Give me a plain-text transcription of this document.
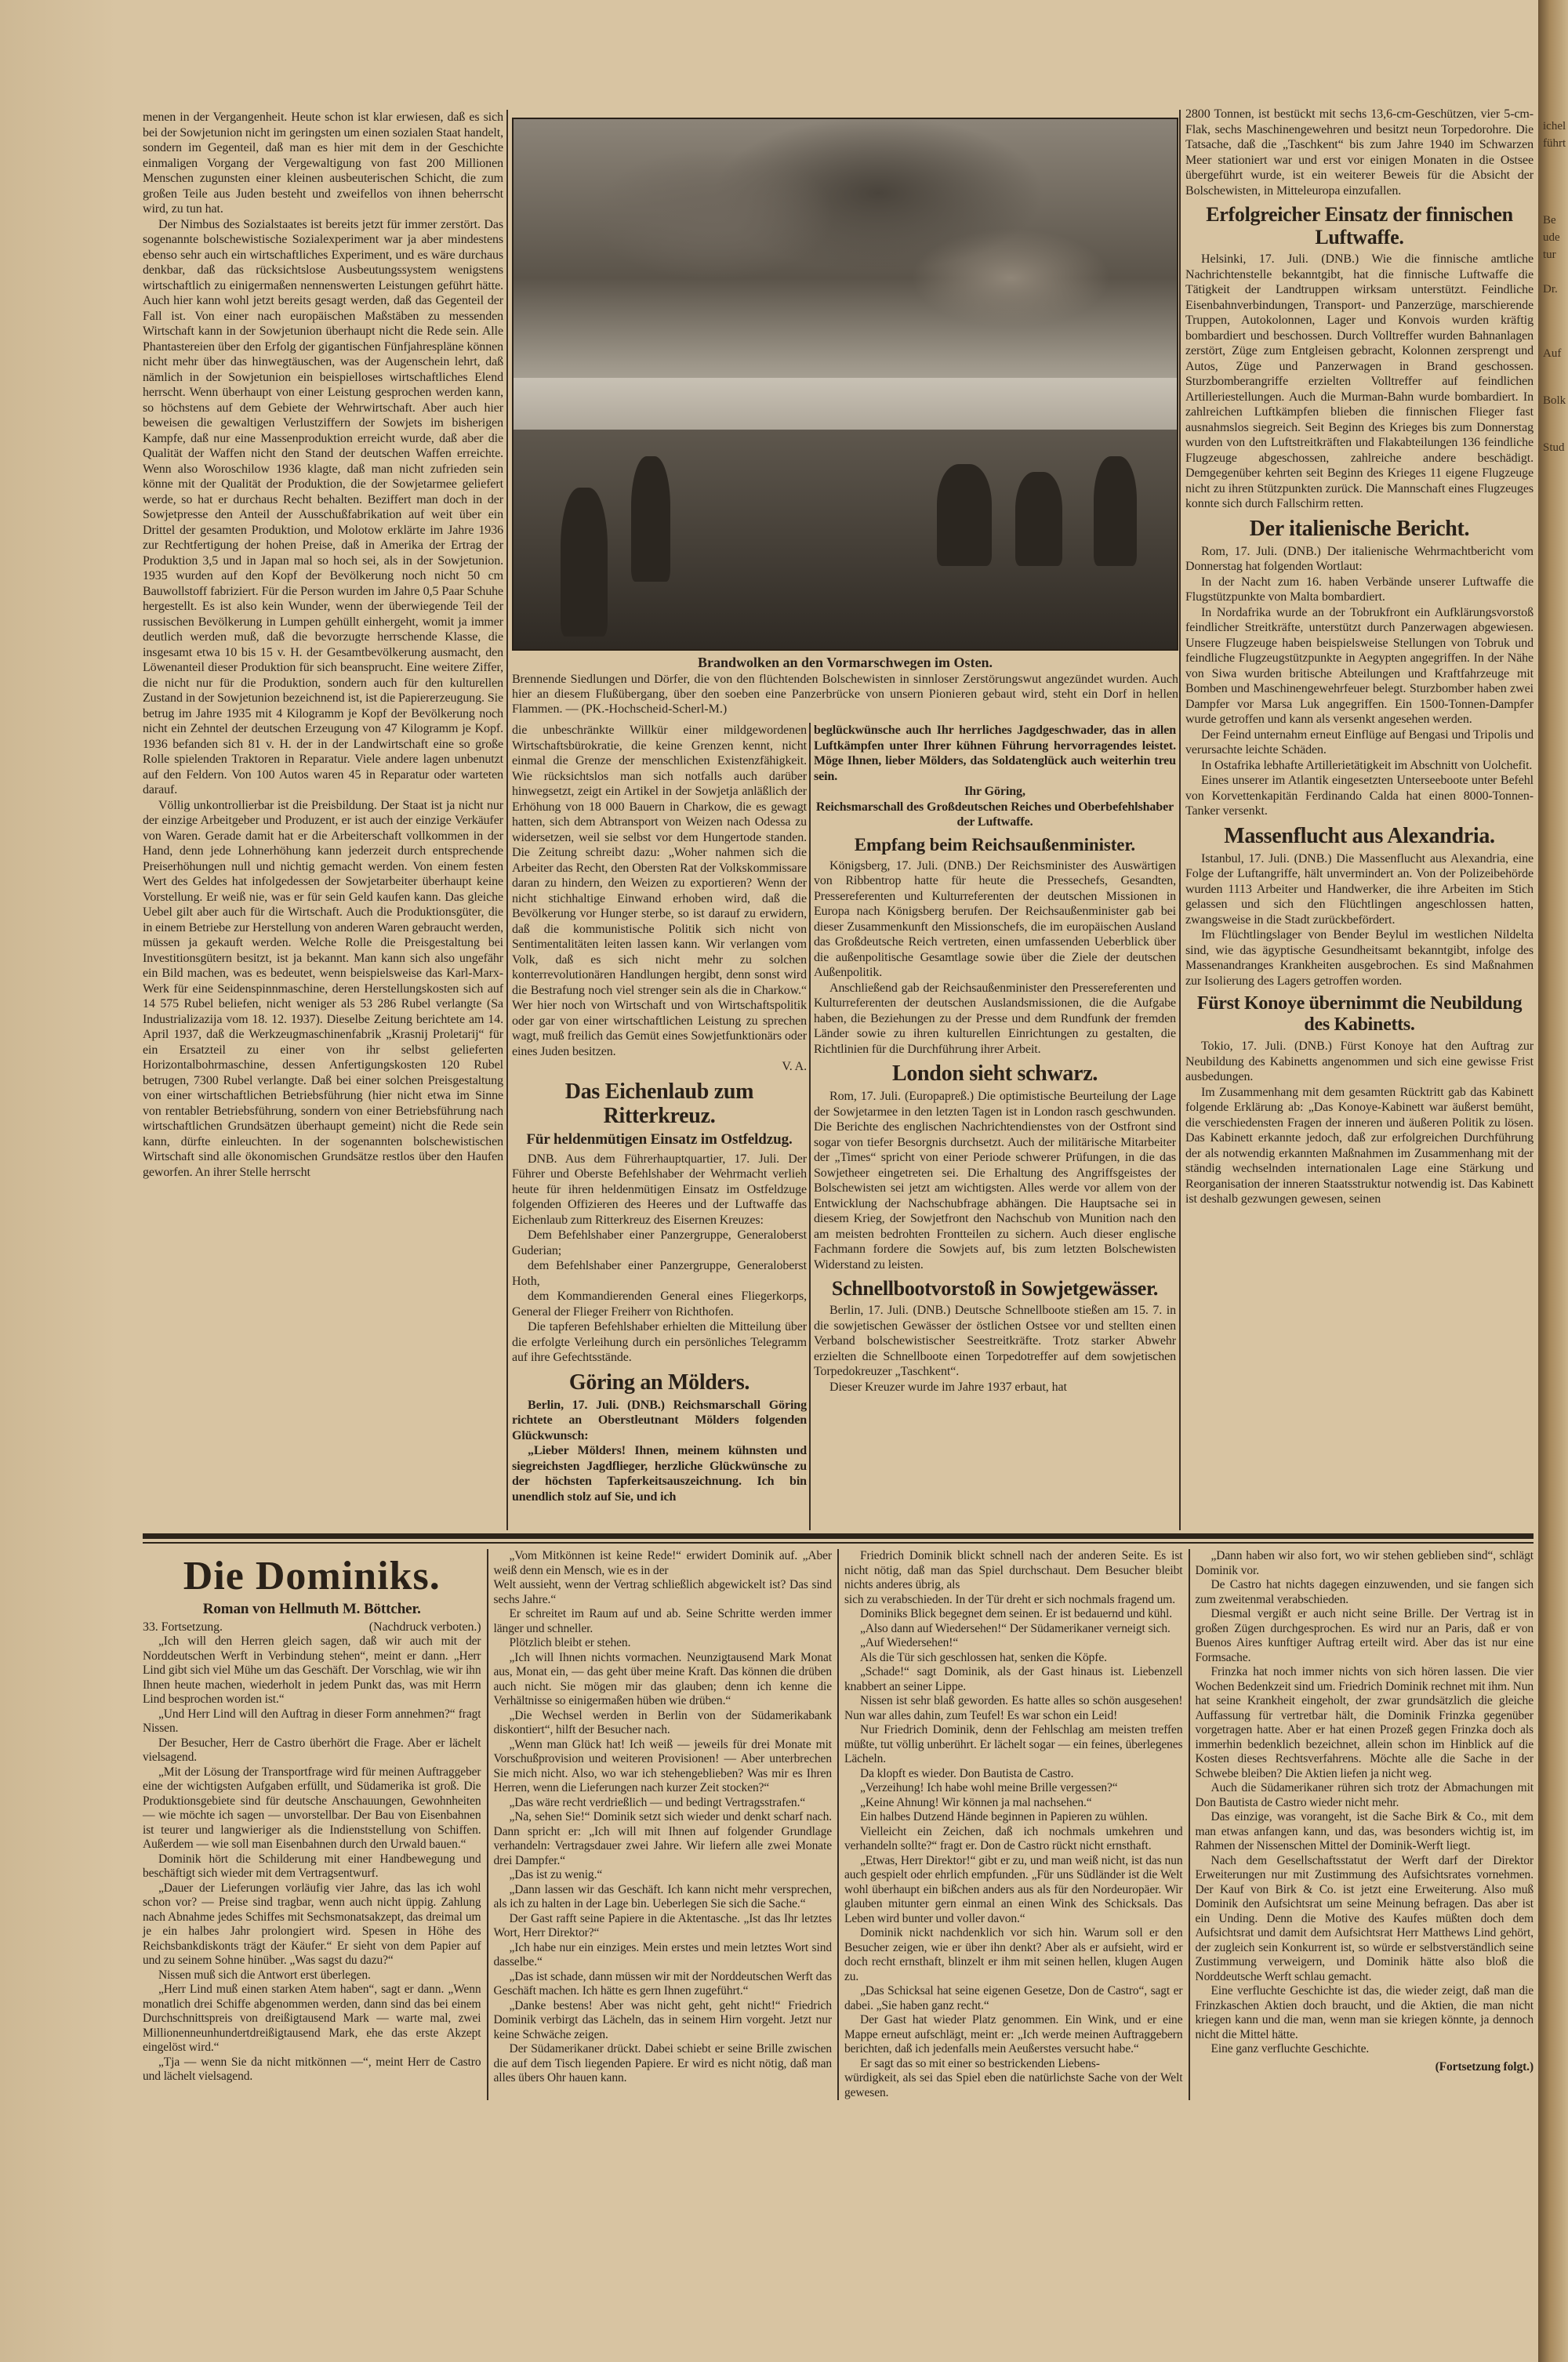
ichel
führt
Stud
Be
ude
tur
Dr.
Auf
Bolk

menen in der Vergangenheit. Heute schon ist klar erwiesen, daß es sich bei der Sowjetunion nicht im geringsten um einen sozialen Staat handelt, sondern im Gegenteil, daß man es hier mit dem in der Geschichte einmaligen Vorgang der Vergewaltigung von fast 200 Millionen Menschen zugunsten einer kleinen ausbeuterischen Schicht, die zum großen Teile aus Juden besteht und zweifellos von ihnen beherrscht wird, zu tun hat.

Der Nimbus des Sozialstaates ist bereits jetzt für immer zerstört. Das sogenannte bolschewistische Sozialexperiment war ja aber mindestens ebenso sehr auch ein wirtschaftliches Experiment, und es wäre durchaus denkbar, daß das rücksichtslose Ausbeutungssystem wenigstens wirtschaftlich zu einigermaßen nennenswerten Leistungen geführt hätte. Auch hier kann wohl jetzt bereits gesagt werden, daß das Gegenteil der Fall ist. Von einer nach europäischen Maßstäben zu messenden Wirtschaft kann in der Sowjetunion überhaupt nicht die Rede sein. Alle Phantastereien über den Erfolg der gigantischen Fünfjahrespläne können nicht mehr über das hinwegtäuschen, was der Augenschein lehrt, daß nämlich in der Sowjetunion ein beispielloses wirtschaftliches Elend herrscht. Wenn überhaupt von einer Leistung gesprochen werden kann, so höchstens auf dem Gebiete der Wehrwirtschaft. Aber auch hier beweisen die gewaltigen Verlustziffern der Sowjets im bisherigen Kampfe, daß nur eine Massenproduktion erreicht wurde, daß aber die Qualität der Waffen nicht den Stand der deutschen Waffen erreichte. Wenn also Woroschilow 1936 klagte, daß man nicht zufrieden sein könne mit der Qualität der Produktion, die der Sowjetarmee geliefert werde, so hat er durchaus Recht behalten. Beziffert man doch in der Sowjetpresse den Anteil der Ausschußfabrikation auf weit über ein Drittel der gesamten Produktion, und Molotow erklärte im Jahre 1936 zur Rechtfertigung der hohen Preise, daß in Amerika der Ertrag der Produktion 3,5 und in Japan mal so hoch sei, als in der Sowjetunion. 1935 wurden auf den Kopf der Bevölkerung noch nicht 50 cm Bauwollstoff fabriziert. Für die Person wurden im Jahre 0,5 Paar Schuhe hergestellt. Es ist also kein Wunder, wenn der überwiegende Teil der russischen Bevölkerung in Lumpen gehüllt einhergeht, womit ja immer deutlich werden muß, daß die bevorzugte herrschende Klasse, die insgesamt etwa 10 bis 15 v. H. der Gesamtbevölkerung ausmacht, den Löwenanteil dieser Produktion für sich beansprucht. Eine weitere Ziffer, die nicht nur für die Produktion, sondern auch für den kulturellen Zustand in der Sowjetunion bezeichnend ist, ist die Papiererzeugung. Sie betrug im Jahre 1935 mit 4 Kilogramm je Kopf der Bevölkerung noch nicht ein Zehntel der deutschen Erzeugung von 47 Kilogramm je Kopf. 1936 befanden sich 81 v. H. der in der Landwirtschaft eine so große Rolle spielenden Traktoren in Reparatur. Viele andere lagen unbenutzt auf den Feldern. Von 100 Autos waren 45 in Reparatur oder warteten darauf.

Völlig unkontrollierbar ist die Preisbildung. Der Staat ist ja nicht nur der einzige Arbeitgeber und Produzent, er ist auch der einzige Verkäufer von Waren. Gerade damit hat er die Arbeiterschaft vollkommen in der Hand, denn jede Lohnerhöhung kann jederzeit durch entsprechende Preiserhöhungen null und nichtig gemacht werden. Von einem festen Wert des Geldes hat infolgedessen der Sowjetarbeiter überhaupt keine Vorstellung. Er weiß nie, was er für sein Geld kaufen kann. Das gleiche Uebel gilt aber auch für die Wirtschaft. Auch die Produktionsgüter, die in einem Betriebe zur Herstellung von anderen Waren gebraucht werden, müssen ja gekauft werden. Welche Rolle die Preisgestaltung bei Investitionsgütern besitzt, ist ja bekannt. Man kann sich also ungefähr ein Bild machen, was es bedeutet, wenn beispielsweise das Karl-Marx-Werk für eine Seidenspinnmaschine, deren Herstellungskosten sich auf 14 575 Rubel beliefen, nicht weniger als 53 286 Rubel verlangte (Sa Industrializazija vom 18. 12. 1937). Dieselbe Zeitung berichtete am 14. April 1937, daß die Werkzeugmaschinenfabrik „Krasnij Proletarij“ für ein Ersatzteil zu einer von ihr selbst gelieferten Horizontalbohrmaschine, dessen Anfertigungskosten 120 Rubel betrugen, 7300 Rubel verlangte. Daß bei einer solchen Preisgestaltung von einer wirtschaftlichen Betriebsführung (hier nicht etwa im Sinne von rentabler Betriebsführung, sondern von einer Betriebsführung nach wirtschaftlichen Grundsätzen überhaupt gemeint) nicht die Rede sein kann, dürfte einleuchten. In der sogenannten bolschewistischen Wirtschaft sind alle ökonomischen Grundsätze restlos über den Haufen geworfen. An ihrer Stelle herrscht

Brandwolken an den Vormarschwegen im Osten.
Brennende Siedlungen und Dörfer, die von den flüchtenden Bolschewisten in sinnloser Zerstörungswut angezündet wurden. Auch hier an diesem Flußübergang, über den soeben eine Panzerbrücke von unsern Pionieren gebaut wird, steht ein Dorf in hellen Flammen. — (PK.-Hochscheid-Scherl-M.)

die unbeschränkte Willkür einer mildgewordenen Wirtschaftsbürokratie, die keine Grenzen kennt, nicht einmal die Grenze der menschlichen Existenzfähigkeit. Wie rücksichtslos man sich notfalls auch darüber hinwegsetzt, zeigt ein Artikel in der Sowjetja anläßlich der Erhöhung von 18 000 Bauern in Charkow, die es gewagt hatten, sich dem Abtransport von Weizen nach Odessa zu widersetzen, weil sie selbst vor dem Hungertode standen. Die Zeitung schreibt dazu: „Woher nahmen sich die Arbeiter das Recht, den Obersten Rat der Volkskommissare daran zu hindern, den Weizen zu exportieren? Wenn der nicht stichhaltige Einwand erhoben wird, daß die Bevölkerung vor Hunger sterbe, so ist darauf zu erwidern, daß die kommunistische Politik sich nicht von Sentimentalitäten leiten lassen kann. Wir verlangen vom Volk, daß es sich nicht mehr zu solchen konterrevolutionären Handlungen hergibt, denn sonst wird die Bestrafung noch viel strenger sein als die in Charkow.“ Wer hier noch von Wirtschaft und von Wirtschaftspolitik oder gar von einer wirtschaftlichen Leistung zu sprechen wagt, muß freilich das Gemüt eines Sowjetfunktionärs oder eines Juden besitzen.

V. A.

Das Eichenlaub zum Ritterkreuz.
Für heldenmütigen Einsatz im Ostfeldzug.

DNB. Aus dem Führerhauptquartier, 17. Juli. Der Führer und Oberste Befehlshaber der Wehrmacht verlieh heute für ihren heldenmütigen Einsatz im Ostfeldzuge folgenden Offizieren des Heeres und der Luftwaffe das Eichenlaub zum Ritterkreuz des Eisernen Kreuzes:

Dem Befehlshaber einer Panzergruppe, Generaloberst Guderian;

dem Befehlshaber einer Panzergruppe, Generaloberst Hoth,

dem Kommandierenden General eines Fliegerkorps, General der Flieger Freiherr von Richthofen.

Die tapferen Befehlshaber erhielten die Mitteilung über die erfolgte Verleihung durch ein persönliches Telegramm auf ihre Gefechtsstände.

Göring an Mölders.

Berlin, 17. Juli. (DNB.) Reichsmarschall Göring richtete an Oberstleutnant Mölders folgenden Glückwunsch:

„Lieber Mölders! Ihnen, meinem kühnsten und siegreichsten Jagdflieger, herzliche Glückwünsche zu der höchsten Tapferkeitsauszeichnung. Ich bin unendlich stolz auf Sie, und ich

beglückwünsche auch Ihr herrliches Jagdgeschwader, das in allen Luftkämpfen unter Ihrer kühnen Führung hervorragendes leistet. Möge Ihnen, lieber Mölders, das Soldatenglück auch weiterhin treu sein.

Ihr Göring,

Reichsmarschall des Großdeutschen Reiches und Oberbefehlshaber der Luftwaffe.

Empfang beim Reichsaußenminister.

Königsberg, 17. Juli. (DNB.) Der Reichsminister des Auswärtigen von Ribbentrop hatte für heute die Pressechefs, Gesandten, Pressereferenten und Kulturreferenten der deutschen Missionen in Europa nach Königsberg berufen. Der Reichsaußenminister gab bei dieser Zusammenkunft den Missionschefs, die im europäischen Ausland das Großdeutsche Reich vertreten, einen umfassenden Ueberblick über die außenpolitische Gesamtlage sowie über die Ziele der deutschen Außenpolitik.

Anschließend gab der Reichsaußenminister den Pressereferenten und Kulturreferenten der deutschen Auslandsmissionen, die die Aufgabe haben, die Beziehungen zu der Presse und dem Rundfunk der fremden Länder sowie zu ihren kulturellen Einrichtungen zu gestalten, die Richtlinien für die Durchführung ihrer Arbeit.

London sieht schwarz.

Rom, 17. Juli. (Europapreß.) Die optimistische Beurteilung der Lage der Sowjetarmee in den letzten Tagen ist in London rasch geschwunden. Die Berichte des englischen Nachrichtendienstes von der Ostfront sind sogar von tiefer Besorgnis durchsetzt. Auch der militärische Mitarbeiter der „Times“ spricht von einer Periode schwerer Prüfungen, in die das Sowjetheer eingetreten sei. Die Erhaltung des Angriffsgeistes der Bolschewisten sei jetzt am wichtigsten. Alles werde vor allem von der Entwicklung der Nachschubfrage abhängen. Die Hauptsache sei in diesem Krieg, der Sowjetfront den Nachschub von Munition nach den am meisten bedrohten Frontteilen zu sichern. Auch dieser englische Fachmann fordere die Sowjets auf, bis zum letzten Bolschewisten Widerstand zu leisten.

Schnellbootvorstoß in Sowjetgewässer.

Berlin, 17. Juli. (DNB.) Deutsche Schnellboote stießen am 15. 7. in die sowjetischen Gewässer der östlichen Ostsee vor und stellten einen Verband bolschewistischer Seestreitkräfte. Trotz starker Abwehr erzielten die Schnellboote einen Torpedotreffer auf dem sowjetischen Torpedokreuzer „Taschkent“.

Dieser Kreuzer wurde im Jahre 1937 erbaut, hat

2800 Tonnen, ist bestückt mit sechs 13,6-cm-Geschützen, vier 5-cm-Flak, sechs Maschinengewehren und besitzt neun Torpedorohre. Die Tatsache, daß die „Taschkent“ bis zum Jahre 1940 im Schwarzen Meer stationiert war und erst vor einigen Monaten in die Ostsee übergeführt wurde, ist ein weiterer Beweis für die Absicht der Bolschewisten, in Mitteleuropa einzufallen.

Erfolgreicher Einsatz der finnischen Luftwaffe.

Helsinki, 17. Juli. (DNB.) Wie die finnische amtliche Nachrichtenstelle bekanntgibt, hat die finnische Luftwaffe die Tätigkeit der Landtruppen wirksam unterstützt. Feindliche Eisenbahnverbindungen, Transport- und Panzerzüge, marschierende Truppen, Autokolonnen, Lager und Konvois wurden kräftig bombardiert und beschossen. Durch Volltreffer wurden Bahnanlagen zerstört, Züge zum Entgleisen gebracht, Kolonnen zersprengt und Autos, Züge und Panzerwagen in Brand geschossen. Sturzbomberangriffe erzielten Volltreffer auf feindlichen Artilleriestellungen. Auch die Murman-Bahn wurde bombardiert. In zahlreichen Luftkämpfen blieben die finnischen Flieger fast ausnahmslos siegreich. Seit Beginn des Krieges bis zum Donnerstag wurden von den Luftstreitkräften und Flakabteilungen 136 feindliche Flugzeuge abgeschossen, zahlreiche andere beschädigt. Demgegenüber kehrten seit Beginn des Krieges 11 eigene Flugzeuge nicht zu ihren Stützpunkten zurück. Die Mannschaft eines Flugzeuges konnte sich durch Fallschirm retten.

Der italienische Bericht.

Rom, 17. Juli. (DNB.) Der italienische Wehrmachtbericht vom Donnerstag hat folgenden Wortlaut:

In der Nacht zum 16. haben Verbände unserer Luftwaffe die Flugstützpunkte von Malta bombardiert.

In Nordafrika wurde an der Tobrukfront ein Aufklärungsvorstoß feindlicher Streitkräfte, unterstützt durch Panzerwagen abgewiesen. Unsere Flugzeuge haben beispielsweise Stellungen von Tobruk und feindliche Flugzeugstützpunkte in Aegypten angegriffen. In der Nähe von Siwa wurden britische Abteilungen und Kraftfahrzeuge mit Bomben und Maschinengewehrfeuer belegt. Sturzbomber haben zwei Dampfer vor Marsa Luk angegriffen. Ein 1500-Tonnen-Dampfer wurde getroffen und kann als versenkt angesehen werden.

Der Feind unternahm erneut Einflüge auf Bengasi und Tripolis und verursachte leichte Schäden.

In Ostafrika lebhafte Artillerietätigkeit im Abschnitt von Uolchefit.

Eines unserer im Atlantik eingesetzten Unterseeboote unter Befehl von Korvettenkapitän Ferdinando Calda hat einen 8000-Tonnen-Tanker versenkt.

Massenflucht aus Alexandria.

Istanbul, 17. Juli. (DNB.) Die Massenflucht aus Alexandria, eine Folge der Luftangriffe, hält unvermindert an. Von der Polizeibehörde wurden 1113 Arbeiter und Handwerker, die ihre Arbeiten im Stich gelassen und sich den Flüchtlingen angeschlossen hatten, zwangsweise in die Stadt zurückbefördert.

Im Flüchtlingslager von Bender Beylul im westlichen Nildelta sind, wie das ägyptische Gesundheitsamt bekanntgibt, infolge des Massenandranges Krankheiten ausgebrochen. Es sind Maßnahmen zur Isolierung des Lagers getroffen worden.

Fürst Konoye übernimmt die Neubildung des Kabinetts.

Tokio, 17. Juli. (DNB.) Fürst Konoye hat den Auftrag zur Neubildung des Kabinetts angenommen und sich eine gewisse Frist ausbedungen.

Im Zusammenhang mit dem gesamten Rücktritt gab das Kabinett folgende Erklärung ab: „Das Konoye-Kabinett war äußerst bemüht, die verschiedensten Fragen der inneren und äußeren Politik zu lösen. Das Kabinett erkannte jedoch, daß zur erfolgreichen Durchführung der als notwendig erkannten Maßnahmen im Zusammenhang mit der ständig wechselnden internationalen Lage eine Stärkung und Reorganisation der inneren Staatsstruktur notwendig ist. Das Kabinett ist deshalb gezwungen gewesen, seinen

Die Dominiks.
Roman von Hellmuth M. Böttcher.
33. Fortsetzung.	(Nachdruck verboten.)

„Ich will den Herren gleich sagen, daß wir auch mit der Norddeutschen Werft in Verbindung stehen“, meint er dann. „Herr Lind gibt sich viel Mühe um das Geschäft. Der Vorschlag, wie wir ihn Ihnen heute machen, wiederholt in jedem Punkt das, was mit Herrn Lind besprochen worden ist.“

„Und Herr Lind will den Auftrag in dieser Form annehmen?“ fragt Nissen.

Der Besucher, Herr de Castro überhört die Frage. Aber er lächelt vielsagend.

„Mit der Lösung der Transportfrage wird für meinen Auftraggeber eine der wichtigsten Aufgaben erfüllt, und Südamerika ist groß. Die Produktionsgebiete sind für deutsche Anschauungen, Gewohnheiten — wie möchte ich sagen — unvorstellbar. Der Bau von Eisenbahnen ist teurer und langwieriger als die Indienststellung von Schiffen. Außerdem — wie soll man Eisenbahnen durch den Urwald bauen.“

Dominik hört die Schilderung mit einer Handbewegung und beschäftigt sich wieder mit dem Vertragsentwurf.

„Dauer der Lieferungen vorläufig vier Jahre, das las ich wohl schon vor? — Preise sind tragbar, wenn auch nicht üppig. Zahlung nach Abnahme jedes Schiffes mit Sechsmonatsakzept, das dreimal um je ein halbes Jahr prolongiert wird. Spesen in Höhe des Reichsbankdiskonts trägt der Käufer.“ Er sieht von dem Papier auf und zu seinem Sohne hinüber. „Was sagst du dazu?“

Nissen muß sich die Antwort erst überlegen.

„Herr Lind muß einen starken Atem haben“, sagt er dann. „Wenn monatlich drei Schiffe abgenommen werden, dann sind das bei einem Durchschnittspreis von dreißigtausend Mark — warte mal, zwei Millionenneunhundertdreißigtausend Mark, ehe das erste Akzept eingelöst wird.“

„Tja — wenn Sie da nicht mitkönnen —“, meint Herr de Castro und lächelt vielsagend.

„Vom Mitkönnen ist keine Rede!“ erwidert Dominik auf. „Aber weiß denn ein Mensch, wie es in der

Welt aussieht, wenn der Vertrag schließlich abgewickelt ist? Das sind sechs Jahre.“

Er schreitet im Raum auf und ab. Seine Schritte werden immer länger und schneller.

Plötzlich bleibt er stehen.

„Ich will Ihnen nichts vormachen. Neunzigtausend Mark Monat aus, Monat ein, — das geht über meine Kraft. Das können die drüben auch nicht. Sie mögen mir das glauben; denn ich kenne die Verhältnisse so einigermaßen hüben wie drüben.“

„Die Wechsel werden in Berlin von der Südamerikabank diskontiert“, hilft der Besucher nach.

„Wenn man Glück hat! Ich weiß — jeweils für drei Monate mit Vorschußprovision und weiteren Provisionen! — Aber unterbrechen Sie mich nicht. Also, wo war ich stehengeblieben? Was mir es Ihren Herren, wenn die Lieferungen nach kurzer Zeit stocken?“

„Das wäre recht verdrießlich — und bedingt Vertragsstrafen.“

„Na, sehen Sie!“ Dominik setzt sich wieder und denkt scharf nach. Dann spricht er: „Ich will mit Ihnen auf folgender Grundlage verhandeln: Vertragsdauer zwei Jahre. Wir liefern alle zwei Monate drei Dampfer.“

„Das ist zu wenig.“

„Dann lassen wir das Geschäft. Ich kann nicht mehr versprechen, als ich zu halten in der Lage bin. Ueberlegen Sie sich die Sache.“

Der Gast rafft seine Papiere in die Aktentasche. „Ist das Ihr letztes Wort, Herr Direktor?“

„Ich habe nur ein einziges. Mein erstes und mein letztes Wort sind dasselbe.“

„Das ist schade, dann müssen wir mit der Norddeutschen Werft das Geschäft machen. Ich hätte es gern Ihnen zugeführt.“

„Danke bestens! Aber was nicht geht, geht nicht!“ Friedrich Dominik verbirgt das Lächeln, das in seinem Hirn vorgeht. Jetzt nur keine Schwäche zeigen.

Der Südamerikaner drückt. Dabei schiebt er seine Brille zwischen die auf dem Tisch liegenden Papiere. Er wird es nicht nötig, daß man alles übers Ohr hauen kann.

Friedrich Dominik blickt schnell nach der anderen Seite. Es ist nicht nötig, daß man das Spiel durchschaut. Dem Besucher bleibt nichts anderes übrig, als

sich zu verabschieden. In der Tür dreht er sich nochmals fragend um.

Dominiks Blick begegnet dem seinen. Er ist bedauernd und kühl.

„Also dann auf Wiedersehen!“ Der Südamerikaner verneigt sich.

„Auf Wiedersehen!“

Als die Tür sich geschlossen hat, senken die Köpfe.

„Schade!“ sagt Dominik, als der Gast hinaus ist. Liebenzell knabbert an seiner Lippe.

Nissen ist sehr blaß geworden. Es hatte alles so schön ausgesehen! Nun war alles dahin, zum Teufel! Es war schon ein Leid!

Nur Friedrich Dominik, denn der Fehlschlag am meisten treffen müßte, tut völlig unberührt. Er lächelt sogar — ein feines, überlegenes Lächeln.

Da klopft es wieder. Don Bautista de Castro.

„Verzeihung! Ich habe wohl meine Brille vergessen?“

„Keine Ahnung! Wir können ja mal nachsehen.“

Ein halbes Dutzend Hände beginnen in Papieren zu wühlen.

Vielleicht ein Zeichen, daß ich nochmals umkehren und verhandeln sollte?“ fragt er. Don de Castro rückt nicht ernsthaft.

„Etwas, Herr Direktor!“ gibt er zu, und man weiß nicht, ist das nun auch gespielt oder ehrlich empfunden. „Für uns Südländer ist die Welt wohl überhaupt ein bißchen anders aus als für den Nordeuropäer. Wir glauben mitunter gern einmal an einen Wink des Schicksals. Das Leben wird bunter und voller davon.“

Dominik nickt nachdenklich vor sich hin. Warum soll er den Besucher zeigen, wie er über ihn denkt? Aber als er aufsieht, wird er doch recht ernsthaft, blinzelt er ihm mit seinen hellen, klugen Augen zu.

„Das Schicksal hat seine eigenen Gesetze, Don de Castro“, sagt er dabei. „Sie haben ganz recht.“

Der Gast hat wieder Platz genommen. Ein Wink, und er eine Mappe erneut aufschlägt, meint er: „Ich werde meinen Auftraggebern berichten, daß ich jedenfalls mein Aeußerstes versucht habe.“

Er sagt das so mit einer so bestrickenden Liebens-

würdigkeit, als sei das Spiel eben die natürlichste Sache von der Welt gewesen.

„Dann haben wir also fort, wo wir stehen geblieben sind“, schlägt Dominik vor.

De Castro hat nichts dagegen einzuwenden, und sie fangen sich zum zweitenmal verabschieden.

Diesmal vergißt er auch nicht seine Brille. Der Vertrag ist in großen Zügen durchgesprochen. Es wird nur an Paris, daß er von Buenos Aires kunftiger Auftrag erteilt wird. Aber das ist nur eine Formsache.

Frinzka hat noch immer nichts von sich hören lassen. Die vier Wochen Bedenkzeit sind um. Friedrich Dominik rechnet mit ihm. Nun hat seine Krankheit eingeholt, der zwar grundsätzlich die gleiche Auffassung für vertretbar hält, die Dominik Frinzka gegenüber vorgetragen hatte. Aber er hat einen Prozeß gegen Frinzka doch als immerhin bedenklich bezeichnet, allein schon im Hinblick auf die Kosten dieses Rechtsverfahrens. Möchte alle die Sache in der Schwebe bleiben? Die Aktien liefen ja nicht weg.

Auch die Südamerikaner rühren sich trotz der Abmachungen mit Don Bautista de Castro wieder nicht mehr.

Das einzige, was vorangeht, ist die Sache Birk & Co., mit dem man etwas anfangen kann, und das, was besonders wichtig ist, im Rahmen der Nissenschen Mittel der Dominik-Werft liegt.

Nach dem Gesellschaftsstatut der Werft darf der Direktor Erweiterungen nur mit Zustimmung des Aufsichtsrates vornehmen. Der Kauf von Birk & Co. ist jetzt eine Erweiterung. Also muß Dominik den Aufsichtsrat um seine Meinung befragen. Das aber ist ein Unding. Denn die Motive des Kaufes müßten doch dem Aufsichtsrat und damit dem Aufsichtsrat Herr Matthews Lind gehört, der zugleich sein Konkurrent ist, so würde er selbstverständlich seine Zustimmung verweigern, und Dominik hätte also bloß die Norddeutsche Werft schlau gemacht.

Eine verfluchte Geschichte ist das, die wieder zeigt, daß man die Frinzkaschen Aktien doch braucht, und die Aktien, die man nicht kriegen kann und die man, wenn man sie kriegen könnte, ja dennoch nicht die Mittel hätte.

Eine ganz verfluchte Geschichte.

(Fortsetzung folgt.)
